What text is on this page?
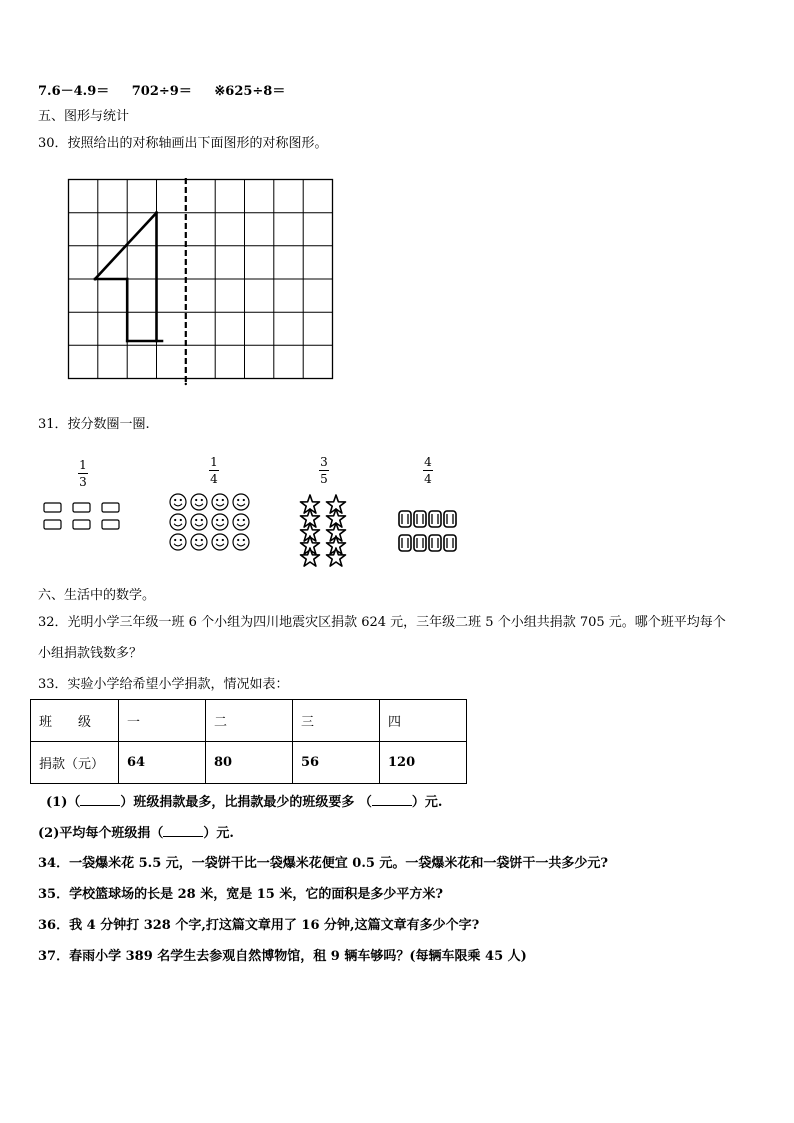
7.6－4.9＝ 702÷9＝ ※625÷8＝
五、图形与统计
30．按照给出的对称轴画出下面图形的对称图形。
31．按分数圈一圈.
1
3
1
4
3
5
4
4
六、生活中的数学。
32．光明小学三年级一班 6 个小组为四川地震灾区捐款 624 元，三年级二班 5 个小组共捐款 705 元。哪个班平均每个
小组捐款钱数多？
33．实验小学给希望小学捐款，情况如表：
班　　级	一	二	三	四
捐款（元）	64	80	56	120
(1)（	）班级捐款最多，比捐款最少的班级要多 （	）元.
(2)平均每个班级捐（	）元.
34．一袋爆米花 5.5 元，一袋饼干比一袋爆米花便宜 0.5 元。一袋爆米花和一袋饼干一共多少元?
35．学校篮球场的长是 28 米，宽是 15 米，它的面积是多少平方米?
36．我 4 分钟打 328 个字,打这篇文章用了 16 分钟,这篇文章有多少个字?
37．春雨小学 389 名学生去参观自然博物馆，租 9 辆车够吗？(每辆车限乘 45 人)
